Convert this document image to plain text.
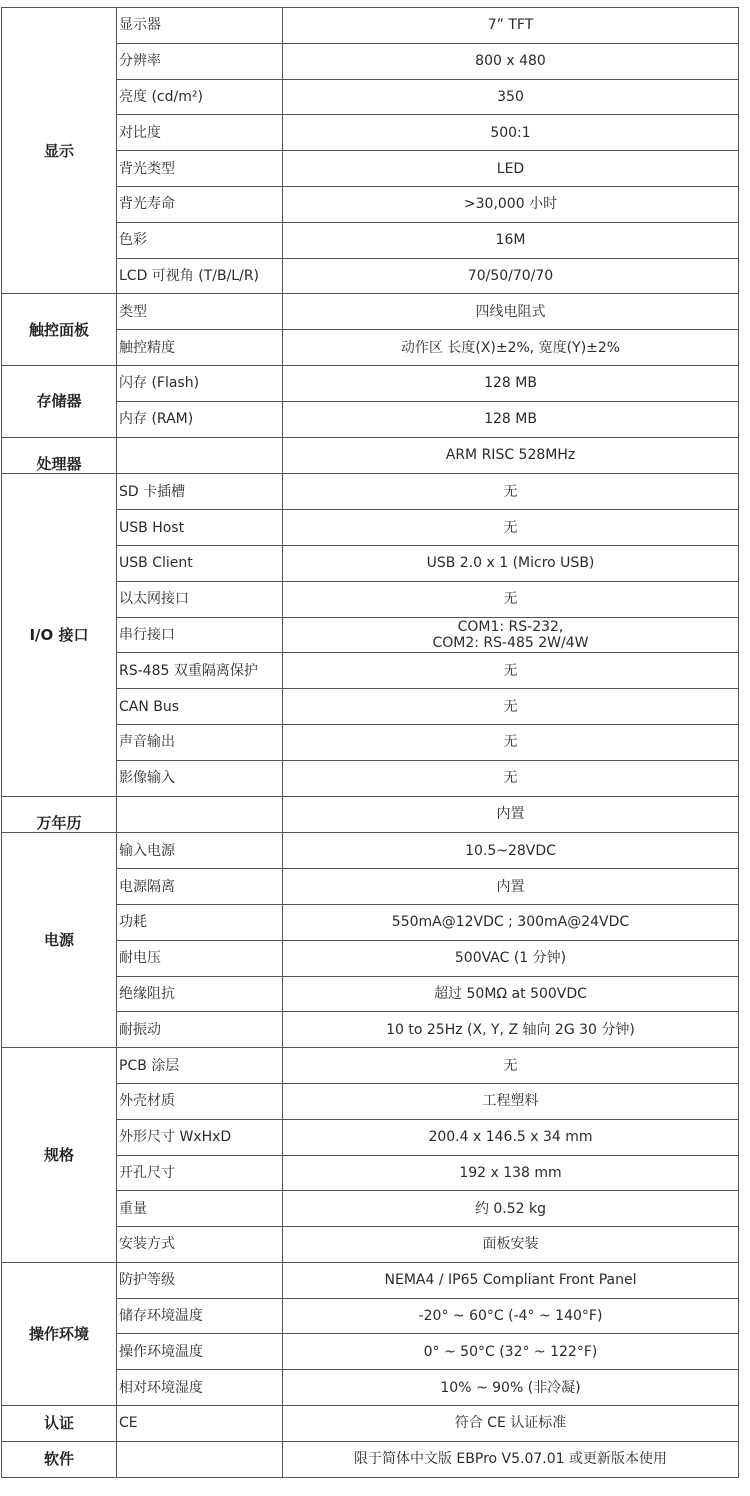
显示	显示器	7” TFT
	分辨率	800 x 480
	亮度 (cd/m²)	350
	对比度	500:1
	背光类型	LED
	背光寿命	>30,000 小时
	色彩	16M
	LCD 可视角 (T/B/L/R)	70/50/70/70
触控面板	类型	四线电阻式
	触控精度	动作区 长度(X)±2%, 宽度(Y)±2%
存储器	闪存 (Flash)	128 MB
	内存 (RAM)	128 MB
处理器		ARM RISC 528MHz
I/O 接口	SD 卡插槽	无
	USB Host	无
	USB Client	USB 2.0 x 1 (Micro USB)
	以太网接口	无
	串行接口	COM1: RS-232,
COM2: RS-485 2W/4W
	RS-485 双重隔离保护	无
	CAN Bus	无
	声音输出	无
	影像输入	无
万年历		内置
电源	输入电源	10.5~28VDC
	电源隔离	内置
	功耗	550mA@12VDC ; 300mA@24VDC
	耐电压	500VAC (1 分钟)
	绝缘阻抗	超过 50MΩ at 500VDC
	耐振动	10 to 25Hz (X, Y, Z 轴向 2G 30 分钟)
规格	PCB 涂层	无
	外壳材质	工程塑料
	外形尺寸 WxHxD	200.4 x 146.5 x 34 mm
	开孔尺寸	192 x 138 mm
	重量	约 0.52 kg
	安装方式	面板安装
操作环境	防护等级	NEMA4 / IP65 Compliant Front Panel
	储存环境温度	-20° ~ 60°C (-4° ~ 140°F)
	操作环境温度	0° ~ 50°C (32° ~ 122°F)
	相对环境湿度	10% ~ 90% (非冷凝)
认证	CE	符合 CE 认证标准
软件		限于简体中文版 EBPro V5.07.01 或更新版本使用
